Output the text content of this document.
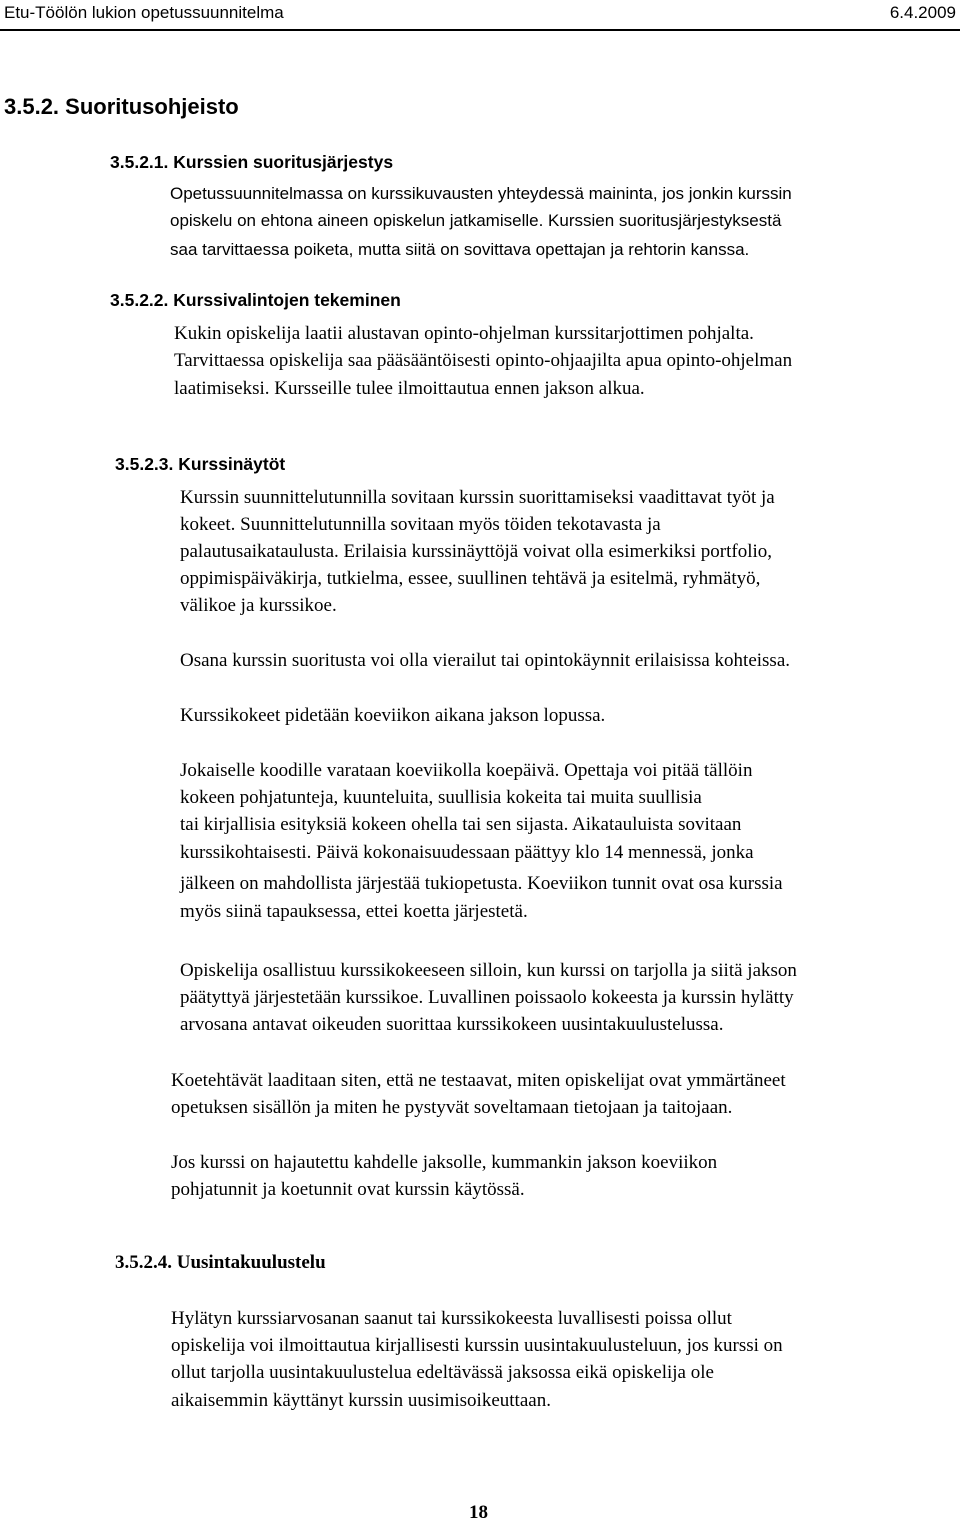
Etu-Töölön lukion opetussuunnitelma	6.4.2009
3.5.2. Suoritusohjeisto
3.5.2.1. Kurssien suoritusjärjestys
Opetussuunnitelmassa on kurssikuvausten yhteydessä maininta, jos jonkin kurssin
opiskelu on ehtona aineen opiskelun jatkamiselle. Kurssien suoritusjärjestyksestä
saa tarvittaessa poiketa, mutta siitä on sovittava opettajan ja rehtorin kanssa.
3.5.2.2. Kurssivalintojen tekeminen
Kukin opiskelija laatii alustavan opinto-ohjelman kurssitarjottimen pohjalta.
Tarvittaessa opiskelija saa pääsääntöisesti opinto-ohjaajilta apua opinto-ohjelman
laatimiseksi. Kursseille tulee ilmoittautua ennen jakson alkua.
3.5.2.3. Kurssinäytöt
Kurssin suunnittelutunnilla sovitaan kurssin suorittamiseksi vaadittavat työt ja
kokeet. Suunnittelutunnilla sovitaan myös töiden tekotavasta ja
palautusaikataulusta. Erilaisia kurssinäyttöjä voivat olla esimerkiksi portfolio,
oppimispäiväkirja, tutkielma, essee, suullinen tehtävä ja esitelmä, ryhmätyö,
välikoe ja kurssikoe.
Osana kurssin suoritusta voi olla vierailut tai opintokäynnit erilaisissa kohteissa.
Kurssikokeet pidetään koeviikon aikana jakson lopussa.
Jokaiselle koodille varataan koeviikolla koepäivä. Opettaja voi pitää tällöin
kokeen pohjatunteja, kuunteluita, suullisia kokeita tai muita suullisia
tai kirjallisia esityksiä kokeen ohella tai sen sijasta. Aikatauluista sovitaan
kurssikohtaisesti. Päivä kokonaisuudessaan päättyy klo 14 mennessä, jonka
jälkeen on mahdollista järjestää tukiopetusta. Koeviikon tunnit ovat osa kurssia
myös siinä tapauksessa, ettei koetta järjestetä.
Opiskelija osallistuu kurssikokeeseen silloin, kun kurssi on tarjolla ja siitä jakson
päätyttyä järjestetään kurssikoe. Luvallinen poissaolo kokeesta ja kurssin hylätty
arvosana antavat oikeuden suorittaa kurssikokeen uusintakuulustelussa.
Koetehtävät laaditaan siten, että ne testaavat, miten opiskelijat ovat ymmärtäneet
opetuksen sisällön ja miten he pystyvät soveltamaan tietojaan ja taitojaan.
Jos kurssi on hajautettu kahdelle jaksolle, kummankin jakson koeviikon
pohjatunnit ja koetunnit ovat kurssin käytössä.
3.5.2.4. Uusintakuulustelu
Hylätyn kurssiarvosanan saanut tai kurssikokeesta luvallisesti poissa ollut
opiskelija voi ilmoittautua kirjallisesti kurssin uusintakuulusteluun, jos kurssi on
ollut tarjolla uusintakuulustelua edeltävässä jaksossa eikä opiskelija ole
aikaisemmin käyttänyt kurssin uusimisoikeuttaan.
18
